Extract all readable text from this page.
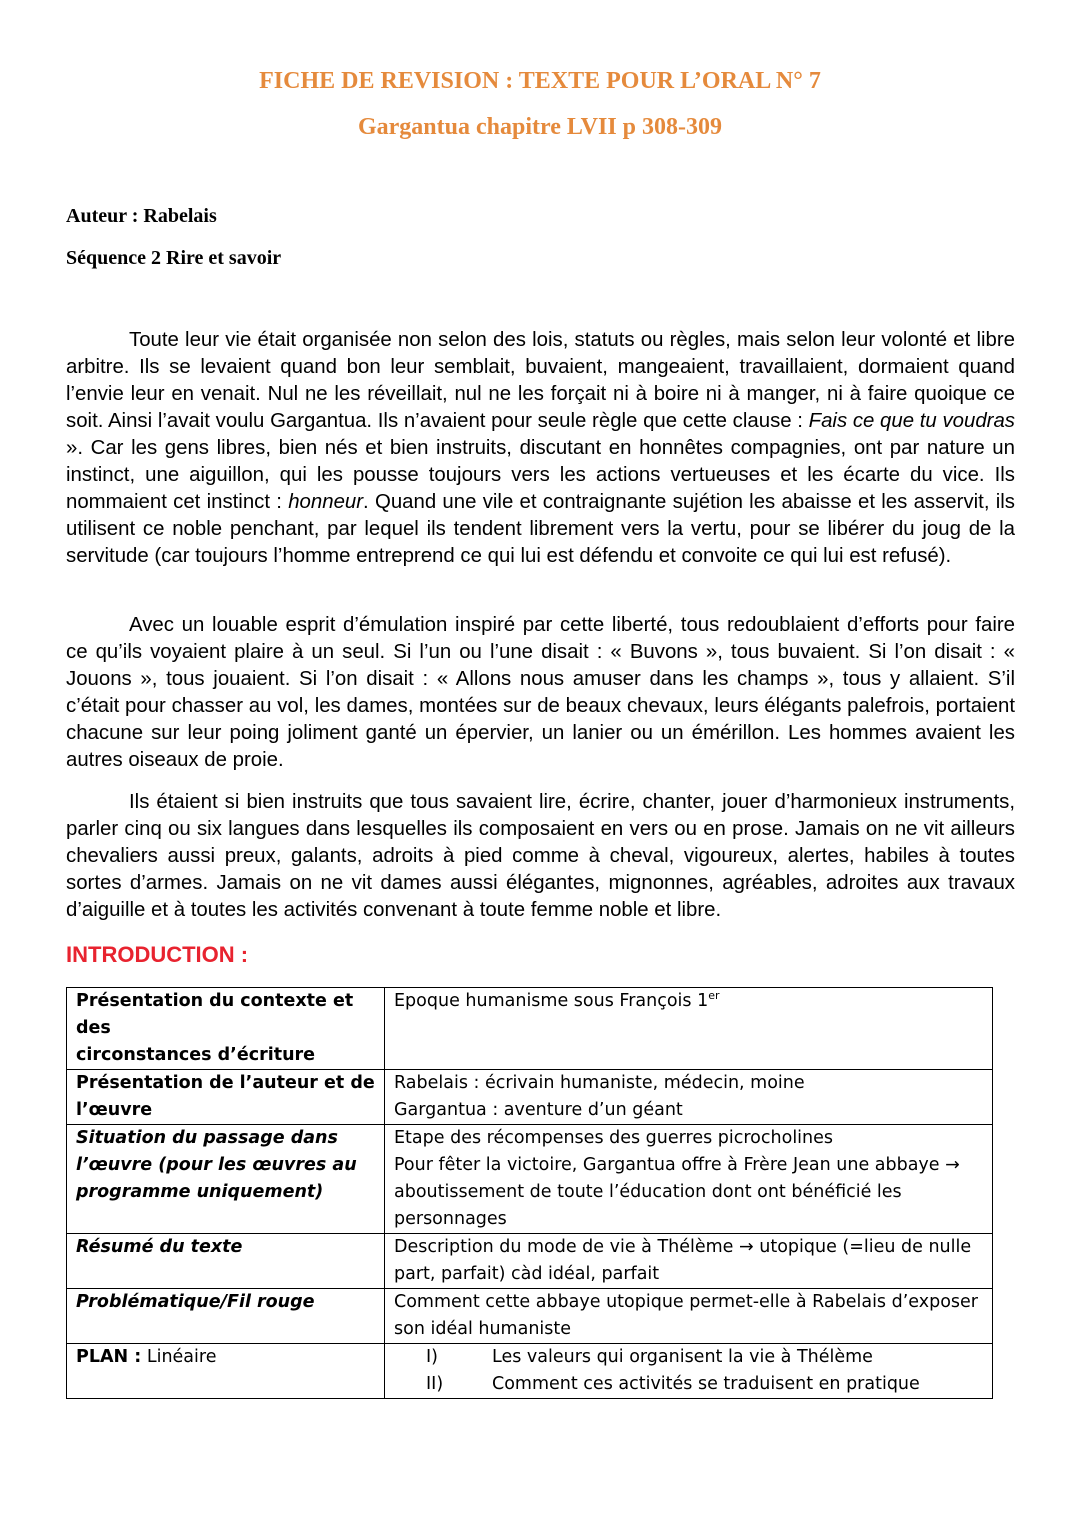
FICHE DE REVISION : TEXTE POUR L’ORAL N° 7
Gargantua chapitre LVII p 308-309

Auteur : Rabelais

Séquence 2 Rire et savoir

Toute leur vie était organisée non selon des lois, statuts ou règles, mais selon leur volonté et libre arbitre. Ils se levaient quand bon leur semblait, buvaient, mangeaient, travaillaient, dormaient quand l’envie leur en venait. Nul ne les réveillait, nul ne les forçait ni à boire ni à manger, ni à faire quoique ce soit. Ainsi l’avait voulu Gargantua. Ils n’avaient pour seule règle que cette clause : Fais ce que tu voudras ». Car les gens libres, bien nés et bien instruits, discutant en honnêtes compagnies, ont par nature un instinct, une aiguillon, qui les pousse toujours vers les actions vertueuses et les écarte du vice. Ils nommaient cet instinct : honneur. Quand une vile et contraignante sujétion les abaisse et les asservit, ils utilisent ce noble penchant, par lequel ils tendent librement vers la vertu, pour se libérer du joug de la servitude (car toujours l’homme entreprend ce qui lui est défendu et convoite ce qui lui est refusé).

Avec un louable esprit d’émulation inspiré par cette liberté, tous redoublaient d’efforts pour faire ce qu’ils voyaient plaire à un seul. Si l’un ou l’une disait : « Buvons », tous buvaient. Si l’on disait : « Jouons », tous jouaient. Si l’on disait : « Allons nous amuser dans les champs », tous y allaient. S’il c’était pour chasser au vol, les dames, montées sur de beaux chevaux, leurs élégants palefrois, portaient chacune sur leur poing joliment ganté un épervier, un lanier ou un émérillon. Les hommes avaient les autres oiseaux de proie.

Ils étaient si bien instruits que tous savaient lire, écrire, chanter, jouer d’harmonieux instruments, parler cinq ou six langues dans lesquelles ils composaient en vers ou en prose. Jamais on ne vit ailleurs chevaliers aussi preux, galants, adroits à pied comme à cheval, vigoureux, alertes, habiles à toutes sortes d’armes. Jamais on ne vit dames aussi élégantes, mignonnes, agréables, adroites aux travaux d’aiguille et à toutes les activités convenant à toute femme noble et libre.

INTRODUCTION :
Présentation du contexte et des
circonstances d’écriture	Epoque humanisme sous François 1er

Présentation de l’auteur et de
l’œuvre	Rabelais : écrivain humaniste, médecin, moine
Gargantua : aventure d’un géant

Situation du passage dans
l’œuvre (pour les œuvres au
programme uniquement)	Etape des récompenses des guerres picrocholines
Pour fêter la victoire, Gargantua offre à Frère Jean une abbaye →
aboutissement de toute l’éducation dont ont bénéficié les
personnages

Résumé du texte	Description du mode de vie à Thélème → utopique (=lieu de nulle
part, parfait) càd idéal, parfait

Problématique/Fil rouge	Comment cette abbaye utopique permet-elle à Rabelais d’exposer
son idéal humaniste

PLAN : Linéaire	I) Les valeurs qui organisent la vie à Thélème
II) Comment ces activités se traduisent en pratique
